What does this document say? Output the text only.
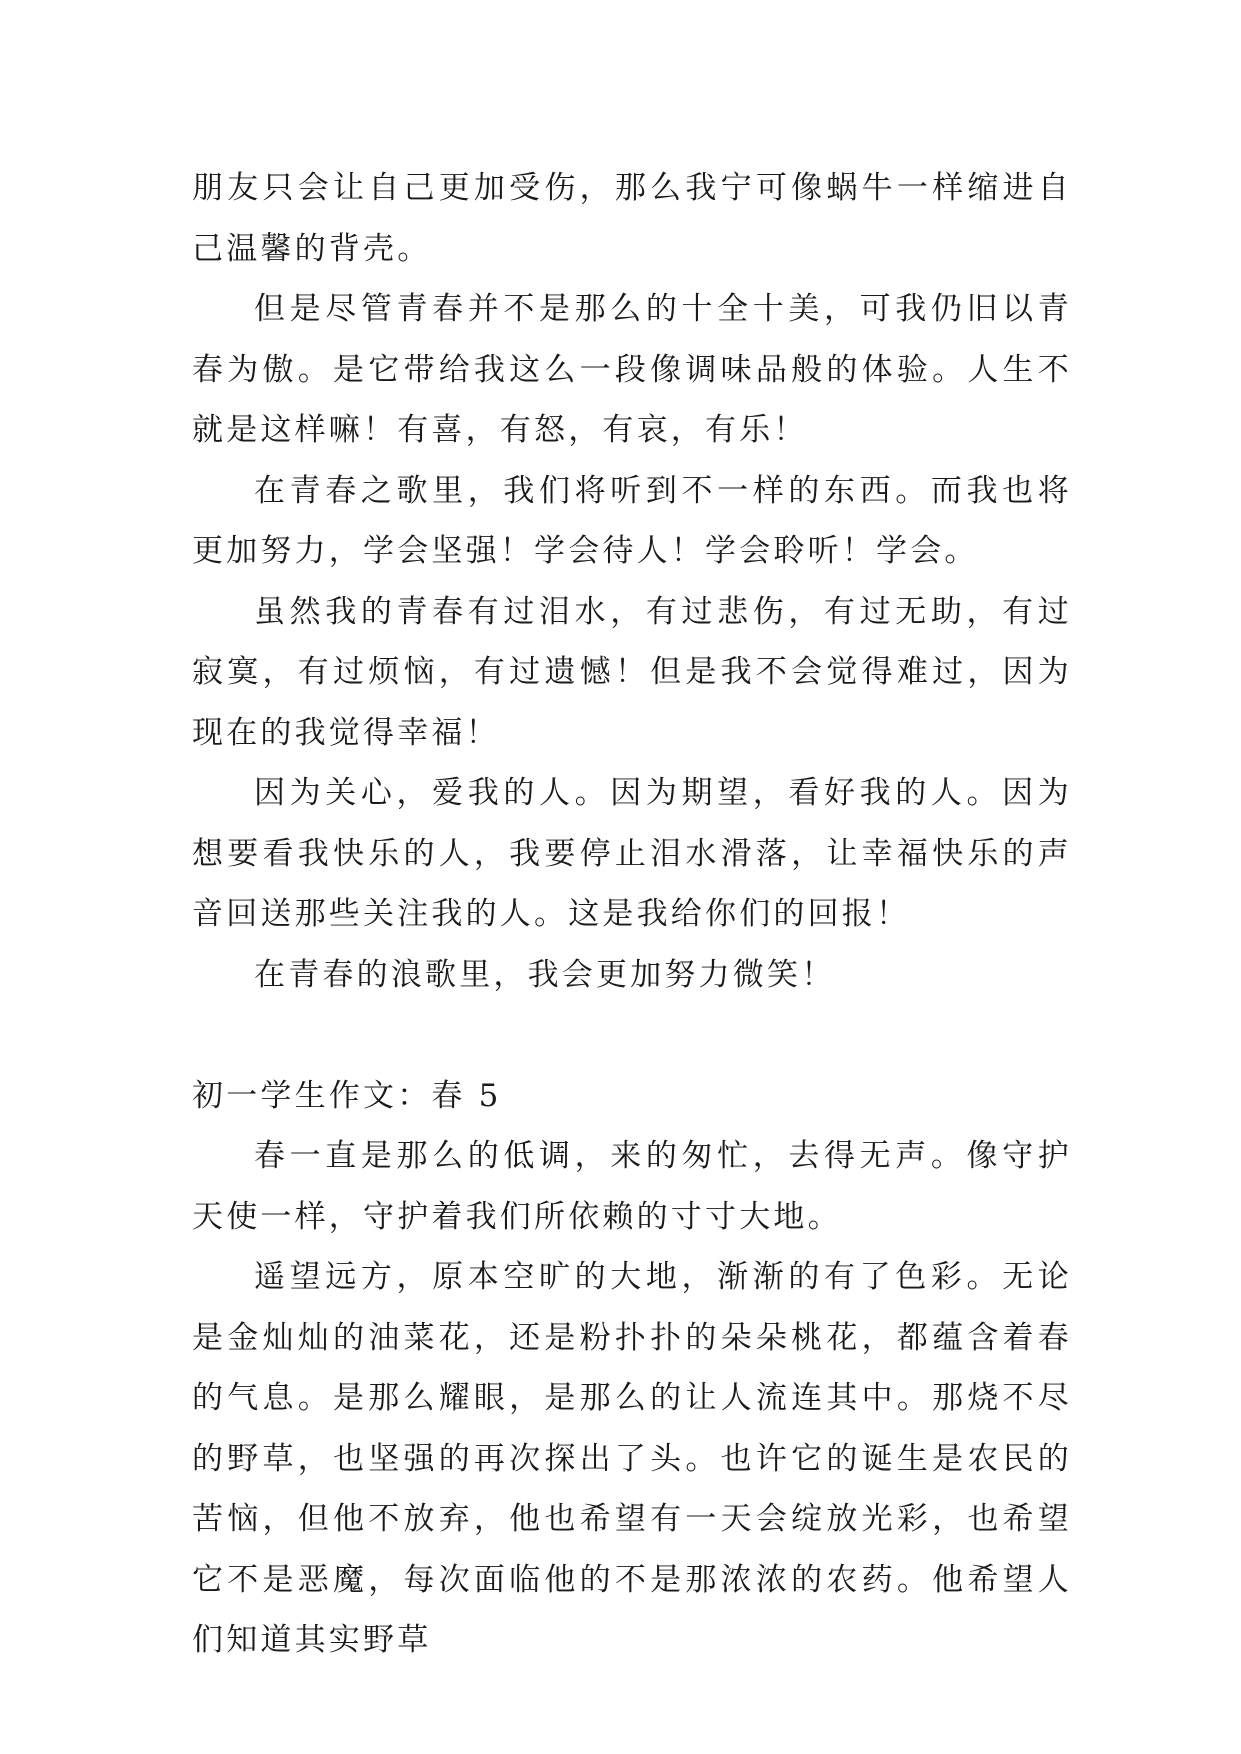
朋友只会让自己更加受伤，那么我宁可像蜗牛一样缩进自己温馨的背壳。

但是尽管青春并不是那么的十全十美，可我仍旧以青春为傲。是它带给我这么一段像调味品般的体验。人生不就是这样嘛！有喜，有怒，有哀，有乐！

在青春之歌里，我们将听到不一样的东西。而我也将更加努力，学会坚强！学会待人！学会聆听！学会。

虽然我的青春有过泪水，有过悲伤，有过无助，有过寂寞，有过烦恼，有过遗憾！但是我不会觉得难过，因为现在的我觉得幸福！

因为关心，爱我的人。因为期望，看好我的人。因为想要看我快乐的人，我要停止泪水滑落，让幸福快乐的声音回送那些关注我的人。这是我给你们的回报！

在青春的浪歌里，我会更加努力微笑！

初一学生作文：春 5

春一直是那么的低调，来的匆忙，去得无声。像守护天使一样，守护着我们所依赖的寸寸大地。

遥望远方，原本空旷的大地，渐渐的有了色彩。无论是金灿灿的油菜花，还是粉扑扑的朵朵桃花，都蕴含着春的气息。是那么耀眼，是那么的让人流连其中。那烧不尽的野草，也坚强的再次探出了头。也许它的诞生是农民的苦恼，但他不放弃，他也希望有一天会绽放光彩，也希望它不是恶魔，每次面临他的不是那浓浓的农药。他希望人们知道其实野草
